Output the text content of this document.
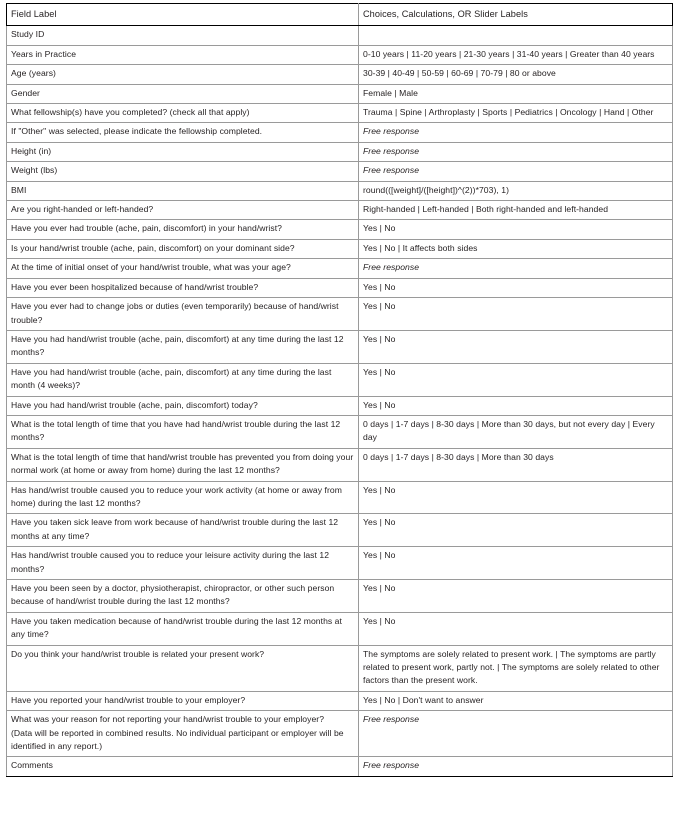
Field Label	Choices, Calculations, OR Slider Labels
Study ID	
Years in Practice	0-10 years | 11-20 years | 21-30 years | 31-40 years | Greater than 40 years
Age (years)	30-39 | 40-49 | 50-59 | 60-69 | 70-79 | 80 or above
Gender	Female | Male
What fellowship(s) have you completed? (check all that apply)	Trauma | Spine | Arthroplasty | Sports | Pediatrics | Oncology | Hand | Other
If "Other" was selected, please indicate the fellowship completed.	Free response
Height (in)	Free response
Weight (lbs)	Free response
BMI	round(([weight]/([height])^(2))*703), 1)
Are you right-handed or left-handed?	Right-handed | Left-handed | Both right-handed and left-handed
Have you ever had trouble (ache, pain, discomfort) in your hand/wrist?	Yes | No
Is your hand/wrist trouble (ache, pain, discomfort) on your dominant side?	Yes | No | It affects both sides
At the time of initial onset of your hand/wrist trouble, what was your age?	Free response
Have you ever been hospitalized because of hand/wrist trouble?	Yes | No
Have you ever had to change jobs or duties (even temporarily) because of hand/wrist trouble?	Yes | No
Have you had hand/wrist trouble (ache, pain, discomfort) at any time during the last 12 months?	Yes | No
Have you had hand/wrist trouble (ache, pain, discomfort) at any time during the last month (4 weeks)?	Yes | No
Have you had hand/wrist trouble (ache, pain, discomfort) today?	Yes | No
What is the total length of time that you have had hand/wrist trouble during the last 12 months?	0 days | 1-7 days | 8-30 days | More than 30 days, but not every day | Every day
What is the total length of time that hand/wrist trouble has prevented you from doing your normal work (at home or away from home) during the last 12 months?	0 days | 1-7 days | 8-30 days | More than 30 days
Has hand/wrist trouble caused you to reduce your work activity (at home or away from home) during the last 12 months?	Yes | No
Have you taken sick leave from work because of hand/wrist trouble during the last 12 months at any time?	Yes | No
Has hand/wrist trouble caused you to reduce your leisure activity during the last 12 months?	Yes | No
Have you been seen by a doctor, physiotherapist, chiropractor, or other such person because of hand/wrist trouble during the last 12 months?	Yes | No
Have you taken medication because of hand/wrist trouble during the last 12 months at any time?	Yes | No
Do you think your hand/wrist trouble is related your present work?	The symptoms are solely related to present work. | The symptoms are partly related to present work, partly not. | The symptoms are solely related to other factors than the present work.
Have you reported your hand/wrist trouble to your employer?	Yes | No | Don't want to answer
What was your reason for not reporting your hand/wrist trouble to your employer?
(Data will be reported in combined results. No individual participant or employer will be identified in any report.)	Free response
Comments	Free response
